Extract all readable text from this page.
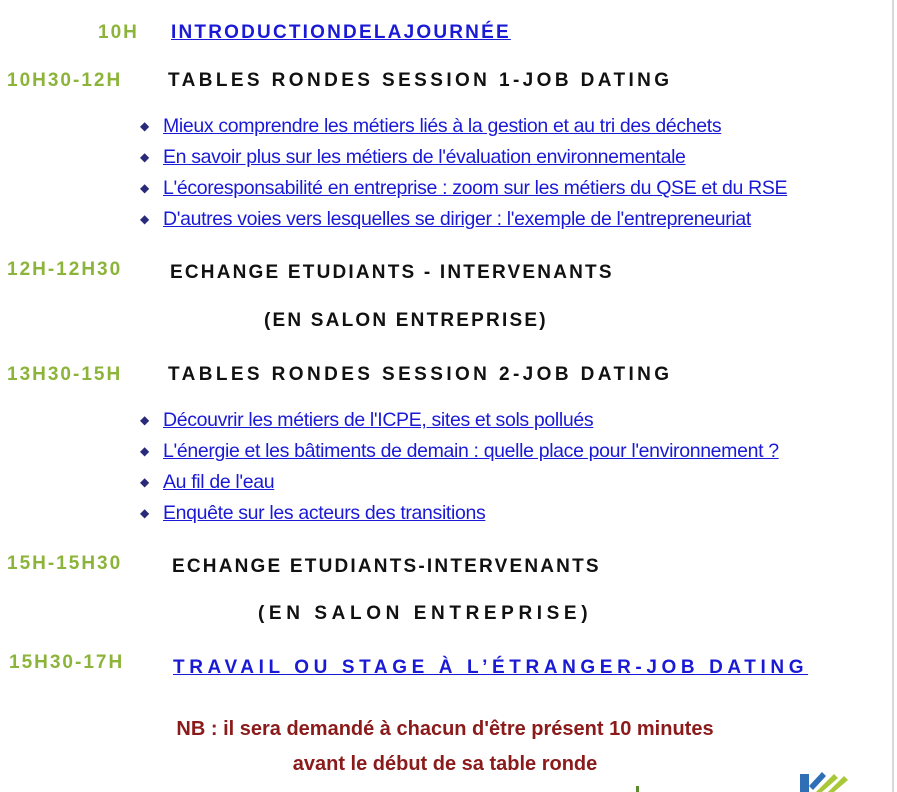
10H INTRODUCTIONDELAJOURNÉE
10H30-12H TABLES RONDES SESSION 1-JOB DATING
◆ Mieux comprendre les métiers liés à la gestion et au tri des déchets
◆ En savoir plus sur les métiers de l'évaluation environnementale
◆ L'écoresponsabilité en entreprise : zoom sur les métiers du QSE et du RSE
◆ D'autres voies vers lesquelles se diriger : l'exemple de l'entrepreneuriat
12H-12H30	ECHANGE ETUDIANTS - INTERVENANTS
(EN SALON ENTREPRISE)
13H30-15H TABLES RONDES SESSION 2-JOB DATING
◆ Découvrir les métiers de l'ICPE, sites et sols pollués
◆ L'énergie et les bâtiments de demain : quelle place pour l'environnement ?
◆ Au fil de l'eau
◆ Enquête sur les acteurs des transitions
15H-15H30	ECHANGE ETUDIANTS-INTERVENANTS
(EN SALON ENTREPRISE)
15H30-17H	TRAVAIL OU STAGE À L’ÉTRANGER-JOB DATING
NB : il sera demandé à chacun d'être présent 10 minutes
avant le début de sa table ronde
